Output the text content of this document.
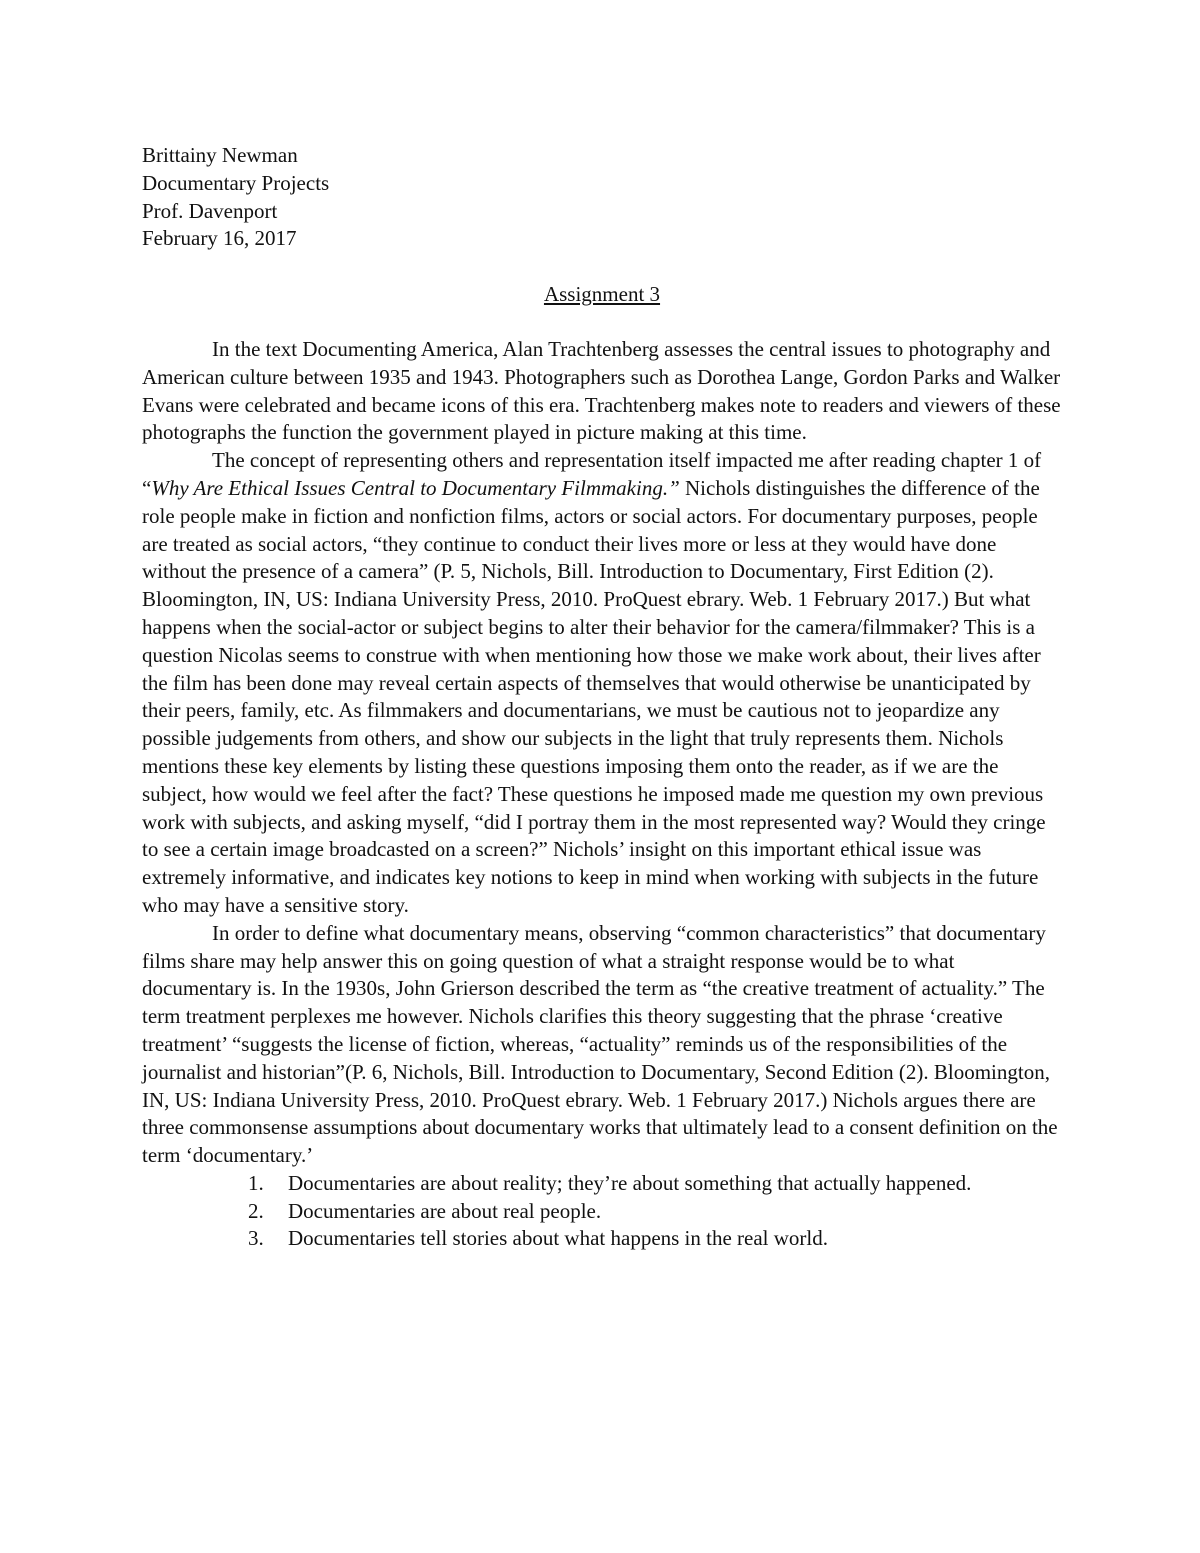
Brittainy Newman
Documentary Projects
Prof. Davenport
February 16, 2017
Assignment 3

In the text Documenting America, Alan Trachtenberg assesses the central issues to photography and American culture between 1935 and 1943. Photographers such as Dorothea Lange, Gordon Parks and Walker Evans were celebrated and became icons of this era. Trachtenberg makes note to readers and viewers of these photographs the function the government played in picture making at this time.

The concept of representing others and representation itself impacted me after reading chapter 1 of “Why Are Ethical Issues Central to Documentary Filmmaking.” Nichols distinguishes the difference of the role people make in fiction and nonfiction films, actors or social actors. For documentary purposes, people are treated as social actors, “they continue to conduct their lives more or less at they would have done without the presence of a camera” (P. 5, Nichols, Bill. Introduction to Documentary, First Edition (2). Bloomington, IN, US: Indiana University Press, 2010. ProQuest ebrary. Web. 1 February 2017.) But what happens when the social-actor or subject begins to alter their behavior for the camera/filmmaker? This is a question Nicolas seems to construe with when mentioning how those we make work about, their lives after the film has been done may reveal certain aspects of themselves that would otherwise be unanticipated by their peers, family, etc. As filmmakers and documentarians, we must be cautious not to jeopardize any possible judgements from others, and show our subjects in the light that truly represents them. Nichols mentions these key elements by listing these questions imposing them onto the reader, as if we are the subject, how would we feel after the fact? These questions he imposed made me question my own previous work with subjects, and asking myself, “did I portray them in the most represented way? Would they cringe to see a certain image broadcasted on a screen?” Nichols’ insight on this important ethical issue was extremely informative, and indicates key notions to keep in mind when working with subjects in the future who may have a sensitive story.

In order to define what documentary means, observing “common characteristics” that documentary films share may help answer this on going question of what a straight response would be to what documentary is. In the 1930s, John Grierson described the term as “the creative treatment of actuality.” The term treatment perplexes me however. Nichols clarifies this theory suggesting that the phrase ‘creative treatment’ “suggests the license of fiction, whereas, “actuality” reminds us of the responsibilities of the journalist and historian”(P. 6, Nichols, Bill. Introduction to Documentary, Second Edition (2). Bloomington, IN, US: Indiana University Press, 2010. ProQuest ebrary. Web. 1 February 2017.) Nichols argues there are three commonsense assumptions about documentary works that ultimately lead to a consent definition on the term ‘documentary.’

1.	Documentaries are about reality; they’re about something that actually happened.
2.	Documentaries are about real people.
3.	Documentaries tell stories about what happens in the real world.
